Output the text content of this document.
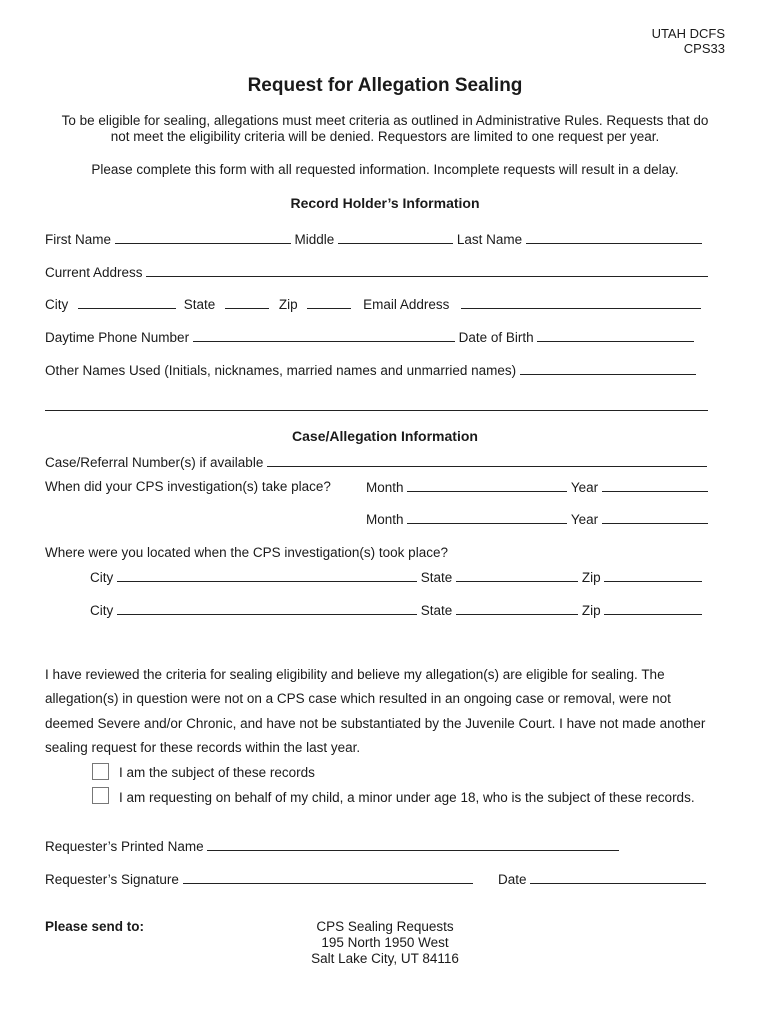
UTAH DCFS
CPS33
Request for Allegation Sealing
To be eligible for sealing, allegations must meet criteria as outlined in Administrative Rules. Requests that do
not meet the eligibility criteria will be denied. Requestors are limited to one request per year.
Please complete this form with all requested information. Incomplete requests will result in a delay.
Record Holder’s Information
First Name	Middle	Last Name
Current Address
City	State	Zip	Email Address
Daytime Phone Number	Date of Birth
Other Names Used (Initials, nicknames, married names and unmarried names)
Case/Allegation Information
Case/Referral Number(s) if available
When did your CPS investigation(s) take place?	Month	Year
Month	Year
Where were you located when the CPS investigation(s) took place?
City	State	Zip
City	State	Zip
I have reviewed the criteria for sealing eligibility and believe my allegation(s) are eligible for sealing. The
allegation(s) in question were not on a CPS case which resulted in an ongoing case or removal, were not
deemed Severe and/or Chronic, and have not be substantiated by the Juvenile Court. I have not made another
sealing request for these records within the last year.
I am the subject of these records
I am requesting on behalf of my child, a minor under age 18, who is the subject of these records.
Requester’s Printed Name
Requester’s Signature	Date
Please send to:	CPS Sealing Requests
195 North 1950 West
Salt Lake City, UT 84116
